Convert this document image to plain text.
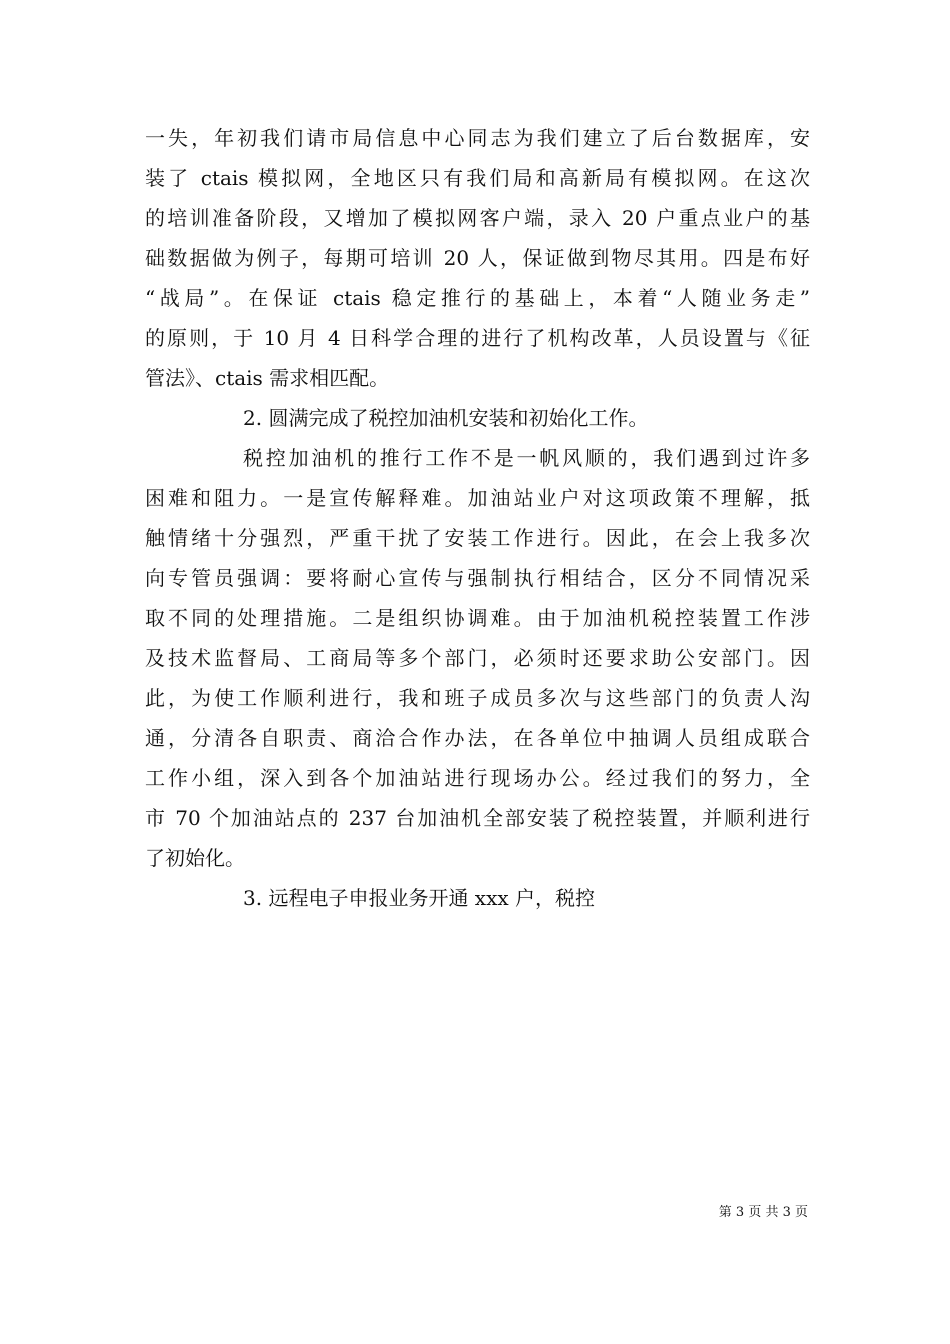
一失，年初我们请市局信息中心同志为我们建立了后台数据库，安
装了 ctais 模拟网，全地区只有我们局和高新局有模拟网。在这次
的培训准备阶段，又增加了模拟网客户端，录入 20 户重点业户的基
础数据做为例子，每期可培训 20 人，保证做到物尽其用。四是布好
“战局”。在保证 ctais 稳定推行的基础上，本着“人随业务走”
的原则，于 10 月 4 日科学合理的进行了机构改革，人员设置与《征
管法》、ctais 需求相匹配。
2. 圆满完成了税控加油机安装和初始化工作。
税控加油机的推行工作不是一帆风顺的，我们遇到过许多
困难和阻力。一是宣传解释难。加油站业户对这项政策不理解，抵
触情绪十分强烈，严重干扰了安装工作进行。因此，在会上我多次
向专管员强调：要将耐心宣传与强制执行相结合，区分不同情况采
取不同的处理措施。二是组织协调难。由于加油机税控装置工作涉
及技术监督局、工商局等多个部门，必须时还要求助公安部门。因
此，为使工作顺利进行，我和班子成员多次与这些部门的负责人沟
通，分清各自职责、商洽合作办法，在各单位中抽调人员组成联合
工作小组，深入到各个加油站进行现场办公。经过我们的努力，全
市 70 个加油站点的 237 台加油机全部安装了税控装置，并顺利进行
了初始化。
3. 远程电子申报业务开通 xxx 户，税控
第 3 页 共 3 页
